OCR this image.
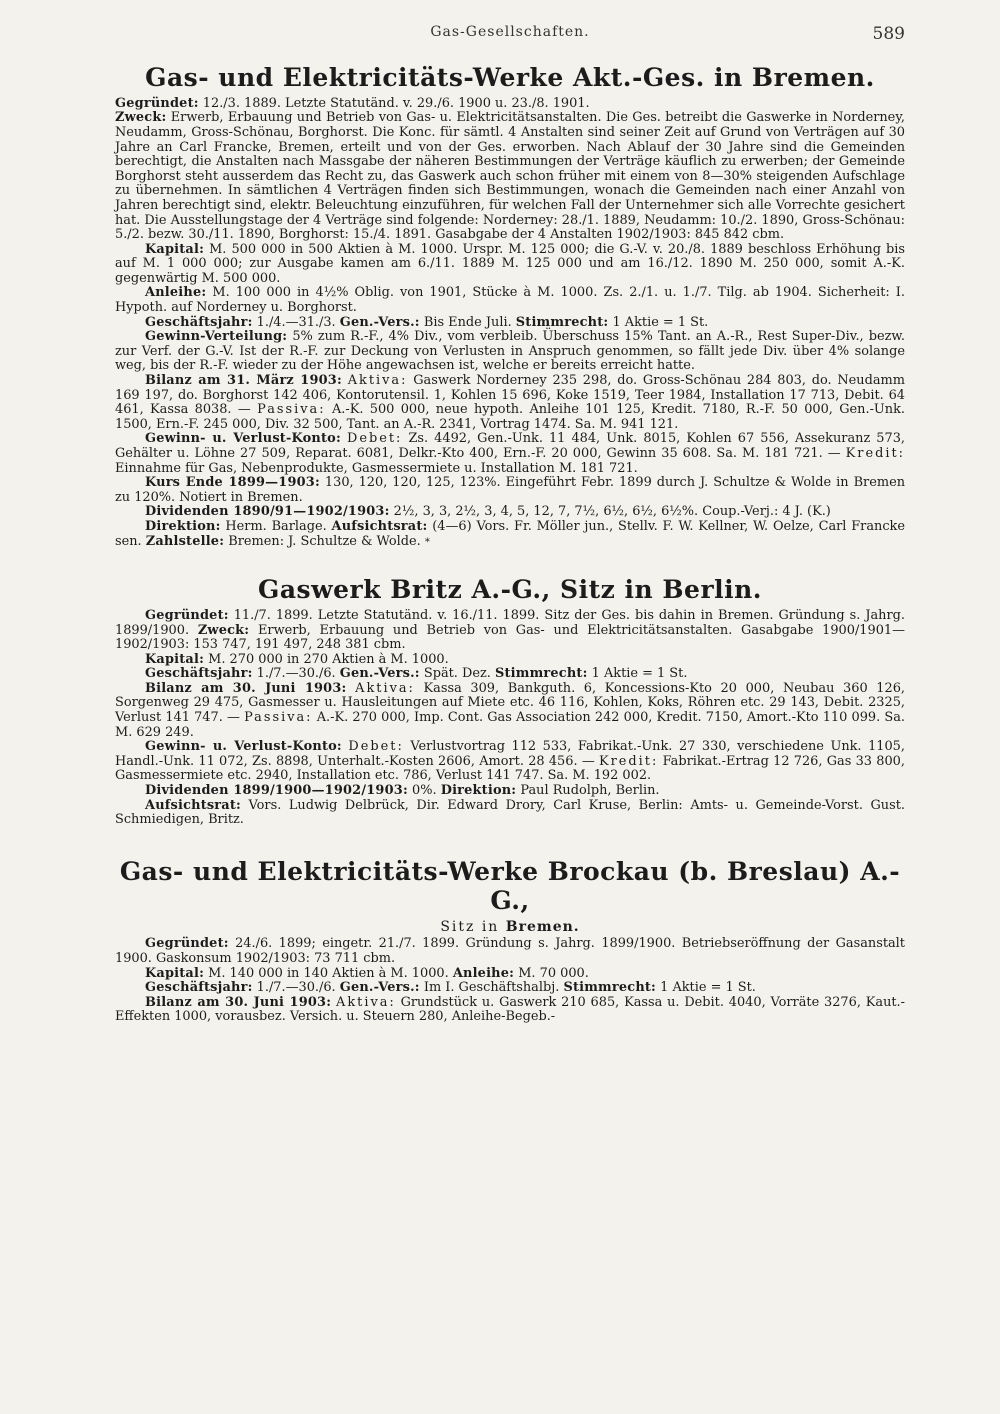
Gas-Gesellschaften.	589
Gas- und Elektricitäts-Werke Akt.-Ges. in Bremen.

Gegründet: 12./3. 1889. Letzte Statutänd. v. 29./6. 1900 u. 23./8. 1901.
Zweck: Erwerb, Erbauung und Betrieb von Gas- u. Elektricitätsanstalten. Die Ges. betreibt die Gaswerke in Norderney, Neudamm, Gross-Schönau, Borghorst. Die Konc. für sämtl. 4 Anstalten sind seiner Zeit auf Grund von Verträgen auf 30 Jahre an Carl Francke, Bremen, erteilt und von der Ges. erworben. Nach Ablauf der 30 Jahre sind die Gemeinden berechtigt, die Anstalten nach Massgabe der näheren Bestimmungen der Verträge käuflich zu erwerben; der Gemeinde Borghorst steht ausserdem das Recht zu, das Gaswerk auch schon früher mit einem von 8—30% steigenden Aufschlage zu übernehmen. In sämtlichen 4 Verträgen finden sich Bestimmungen, wonach die Gemeinden nach einer Anzahl von Jahren berechtigt sind, elektr. Beleuchtung einzuführen, für welchen Fall der Unternehmer sich alle Vorrechte gesichert hat. Die Ausstellungstage der 4 Verträge sind folgende: Norderney: 28./1. 1889, Neudamm: 10./2. 1890, Gross-Schönau: 5./2. bezw. 30./11. 1890, Borghorst: 15./4. 1891. Gasabgabe der 4 Anstalten 1902/1903: 845 842 cbm.

Kapital: M. 500 000 in 500 Aktien à M. 1000. Urspr. M. 125 000; die G.-V. v. 20./8. 1889 beschloss Erhöhung bis auf M. 1 000 000; zur Ausgabe kamen am 6./11. 1889 M. 125 000 und am 16./12. 1890 M. 250 000, somit A.-K. gegenwärtig M. 500 000.

Anleihe: M. 100 000 in 4½% Oblig. von 1901, Stücke à M. 1000. Zs. 2./1. u. 1./7. Tilg. ab 1904. Sicherheit: I. Hypoth. auf Norderney u. Borghorst.

Geschäftsjahr: 1./4.—31./3. Gen.-Vers.: Bis Ende Juli. Stimmrecht: 1 Aktie = 1 St.

Gewinn-Verteilung: 5% zum R.-F., 4% Div., vom verbleib. Überschuss 15% Tant. an A.-R., Rest Super-Div., bezw. zur Verf. der G.-V. Ist der R.-F. zur Deckung von Verlusten in Anspruch genommen, so fällt jede Div. über 4% solange weg, bis der R.-F. wieder zu der Höhe angewachsen ist, welche er bereits erreicht hatte.

Bilanz am 31. März 1903: Aktiva: Gaswerk Norderney 235 298, do. Gross-Schönau 284 803, do. Neudamm 169 197, do. Borghorst 142 406, Kontorutensil. 1, Kohlen 15 696, Koke 1519, Teer 1984, Installation 17 713, Debit. 64 461, Kassa 8038. — Passiva: A.-K. 500 000, neue hypoth. Anleihe 101 125, Kredit. 7180, R.-F. 50 000, Gen.-Unk. 1500, Ern.-F. 245 000, Div. 32 500, Tant. an A.-R. 2341, Vortrag 1474. Sa. M. 941 121.

Gewinn- u. Verlust-Konto: Debet: Zs. 4492, Gen.-Unk. 11 484, Unk. 8015, Kohlen 67 556, Assekuranz 573, Gehälter u. Löhne 27 509, Reparat. 6081, Delkr.-Kto 400, Ern.-F. 20 000, Gewinn 35 608. Sa. M. 181 721. — Kredit: Einnahme für Gas, Nebenprodukte, Gasmessermiete u. Installation M. 181 721.

Kurs Ende 1899—1903: 130, 120, 120, 125, 123%. Eingeführt Febr. 1899 durch J. Schultze & Wolde in Bremen zu 120%. Notiert in Bremen.

Dividenden 1890/91—1902/1903: 2½, 3, 3, 2½, 3, 4, 5, 12, 7, 7½, 6½, 6½, 6½%. Coup.-Verj.: 4 J. (K.)

Direktion: Herm. Barlage. Aufsichtsrat: (4—6) Vors. Fr. Möller jun., Stellv. F. W. Kellner, W. Oelze, Carl Francke sen. Zahlstelle: Bremen: J. Schultze & Wolde. *

Gaswerk Britz A.-G., Sitz in Berlin.

Gegründet: 11./7. 1899. Letzte Statutänd. v. 16./11. 1899. Sitz der Ges. bis dahin in Bremen. Gründung s. Jahrg. 1899/1900. Zweck: Erwerb, Erbauung und Betrieb von Gas- und Elektricitätsanstalten. Gasabgabe 1900/1901—1902/1903: 153 747, 191 497, 248 381 cbm.

Kapital: M. 270 000 in 270 Aktien à M. 1000.

Geschäftsjahr: 1./7.—30./6. Gen.-Vers.: Spät. Dez. Stimmrecht: 1 Aktie = 1 St.

Bilanz am 30. Juni 1903: Aktiva: Kassa 309, Bankguth. 6, Koncessions-Kto 20 000, Neubau 360 126, Sorgenweg 29 475, Gasmesser u. Hausleitungen auf Miete etc. 46 116, Kohlen, Koks, Röhren etc. 29 143, Debit. 2325, Verlust 141 747. — Passiva: A.-K. 270 000, Imp. Cont. Gas Association 242 000, Kredit. 7150, Amort.-Kto 110 099. Sa. M. 629 249.

Gewinn- u. Verlust-Konto: Debet: Verlustvortrag 112 533, Fabrikat.-Unk. 27 330, verschiedene Unk. 1105, Handl.-Unk. 11 072, Zs. 8898, Unterhalt.-Kosten 2606, Amort. 28 456. — Kredit: Fabrikat.-Ertrag 12 726, Gas 33 800, Gasmessermiete etc. 2940, Installation etc. 786, Verlust 141 747. Sa. M. 192 002.

Dividenden 1899/1900—1902/1903: 0%. Direktion: Paul Rudolph, Berlin.

Aufsichtsrat: Vors. Ludwig Delbrück, Dir. Edward Drory, Carl Kruse, Berlin: Amts- u. Gemeinde-Vorst. Gust. Schmiedigen, Britz.

Gas- und Elektricitäts-Werke Brockau (b. Breslau) A.-G.,
Sitz in Bremen.

Gegründet: 24./6. 1899; eingetr. 21./7. 1899. Gründung s. Jahrg. 1899/1900. Betriebseröffnung der Gasanstalt 1900. Gaskonsum 1902/1903: 73 711 cbm.

Kapital: M. 140 000 in 140 Aktien à M. 1000. Anleihe: M. 70 000.

Geschäftsjahr: 1./7.—30./6. Gen.-Vers.: Im I. Geschäftshalbj. Stimmrecht: 1 Aktie = 1 St.

Bilanz am 30. Juni 1903: Aktiva: Grundstück u. Gaswerk 210 685, Kassa u. Debit. 4040, Vorräte 3276, Kaut.-Effekten 1000, vorausbez. Versich. u. Steuern 280, Anleihe-Begeb.-
